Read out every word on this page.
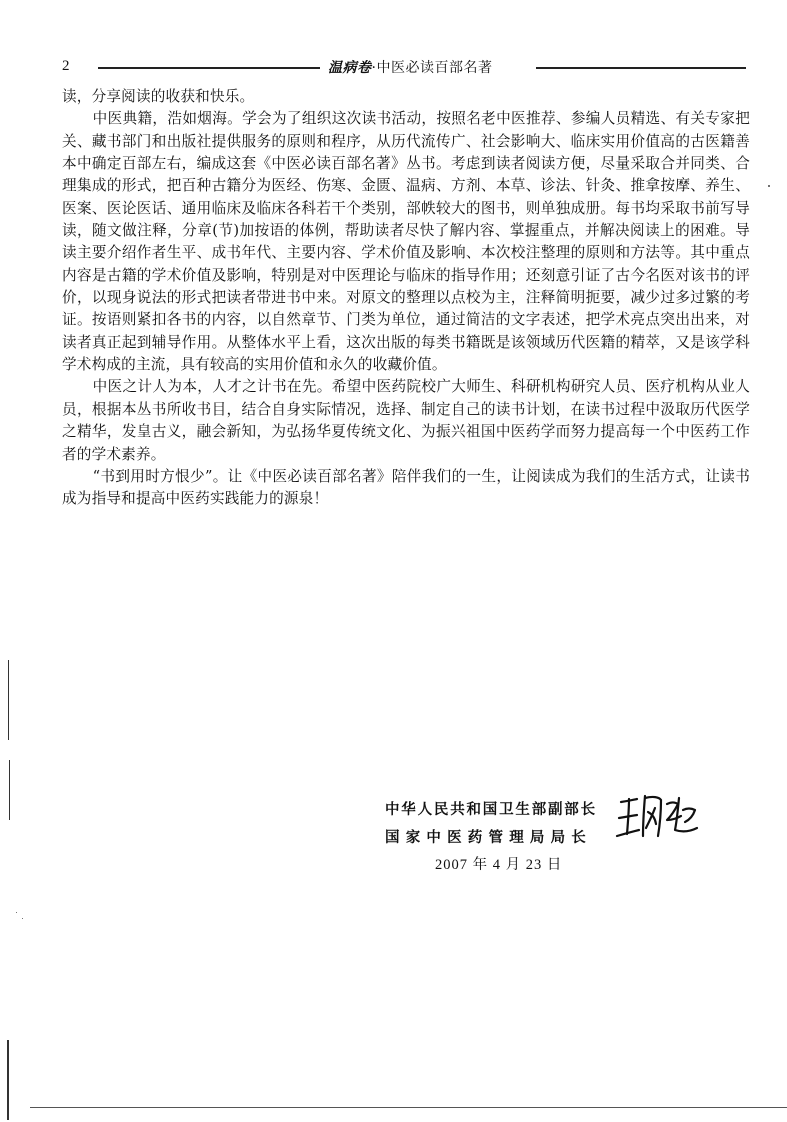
2	温病卷·中医必读百部名著

读，分享阅读的收获和快乐。

中医典籍，浩如烟海。学会为了组织这次读书活动，按照名老中医推荐、参编人员精选、有关专家把关、藏书部门和出版社提供服务的原则和程序，从历代流传广、社会影响大、临床实用价值高的古医籍善本中确定百部左右，编成这套《中医必读百部名著》丛书。考虑到读者阅读方便，尽量采取合并同类、合理集成的形式，把百种古籍分为医经、伤寒、金匮、温病、方剂、本草、诊法、针灸、推拿按摩、养生、医案、医论医话、通用临床及临床各科若干个类别，部帙较大的图书，则单独成册。每书均采取书前写导读，随文做注释，分章(节)加按语的体例，帮助读者尽快了解内容、掌握重点，并解决阅读上的困难。导读主要介绍作者生平、成书年代、主要内容、学术价值及影响、本次校注整理的原则和方法等。其中重点内容是古籍的学术价值及影响，特别是对中医理论与临床的指导作用；还刻意引证了古今名医对该书的评价，以现身说法的形式把读者带进书中来。对原文的整理以点校为主，注释简明扼要，减少过多过繁的考证。按语则紧扣各书的内容，以自然章节、门类为单位，通过简洁的文字表述，把学术亮点突出出来，对读者真正起到辅导作用。从整体水平上看，这次出版的每类书籍既是该领域历代医籍的精萃，又是该学科学术构成的主流，具有较高的实用价值和永久的收藏价值。

中医之计人为本，人才之计书在先。希望中医药院校广大师生、科研机构研究人员、医疗机构从业人员，根据本丛书所收书目，结合自身实际情况，选择、制定自己的读书计划，在读书过程中汲取历代医学之精华，发皇古义，融会新知，为弘扬华夏传统文化、为振兴祖国中医药学而努力提高每一个中医药工作者的学术素养。

“书到用时方恨少”。让《中医必读百部名著》陪伴我们的一生，让阅读成为我们的生活方式，让读书成为指导和提高中医药实践能力的源泉！

中华人民共和国卫生部副部长
国家中医药管理局局长
2007 年 4 月 23 日
